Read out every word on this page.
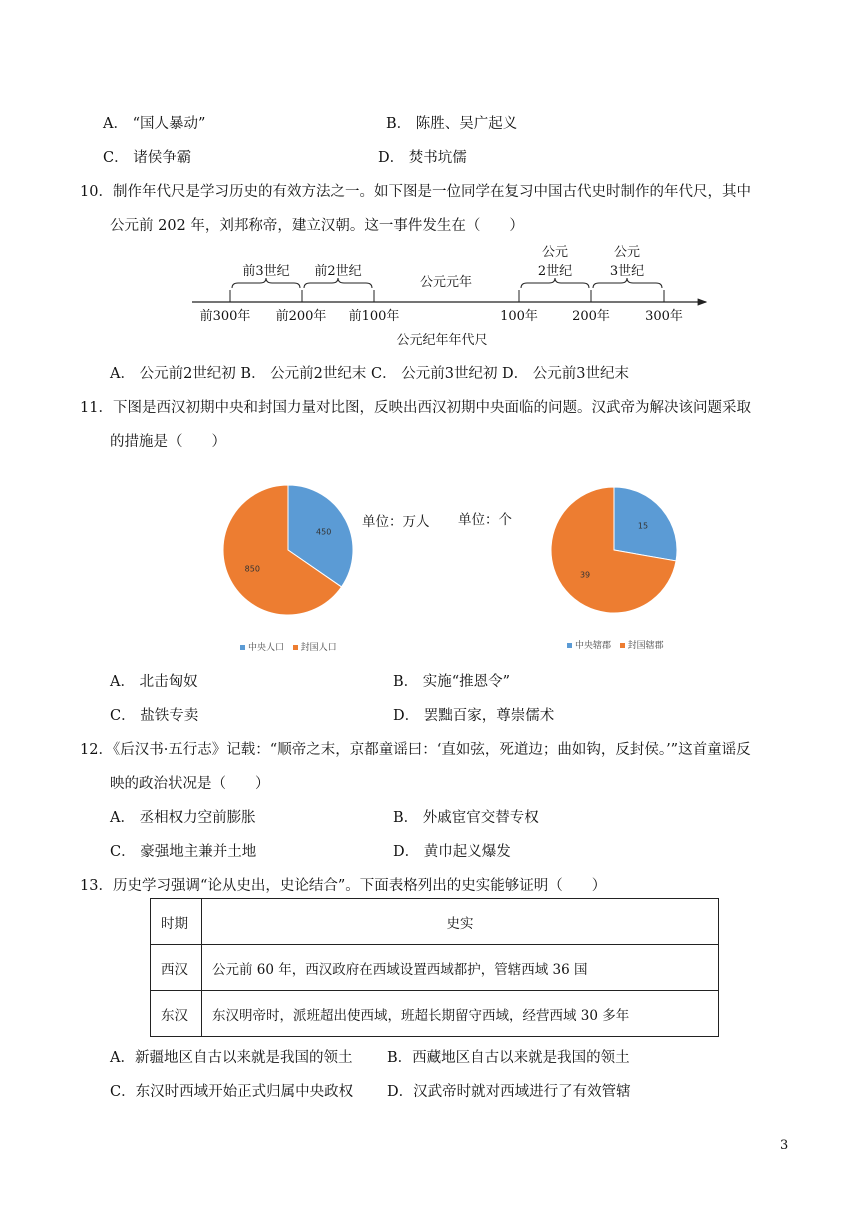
A． “国人暴动”	B． 陈胜、吴广起义
C． 诸侯争霸	D． 焚书坑儒
10．制作年代尺是学习历史的有效方法之一。如下图是一位同学在复习中国古代史时制作的年代尺，其中
公元前 202 年，刘邦称帝，建立汉朝。这一事件发生在（　　）
前3世纪 前2世纪
公元元年
公元
2世纪
公元
3世纪
前300年 前200年 前100年	100年	200年	300年
公元纪年年代尺
A． 公元前2世纪初 B． 公元前2世纪末 C． 公元前3世纪初 D． 公元前3世纪末
11．下图是西汉初期中央和封国力量对比图，反映出西汉初期中央面临的问题。汉武帝为解决该问题采取
的措施是（　　）
450
850
单位：万人 单位：个	15
39
中央人口 封国人口	中央辖郡 封国辖郡
A． 北击匈奴	B． 实施“推恩令”
C． 盐铁专卖	D． 罢黜百家，尊崇儒术
12．《后汉书·五行志》记载：“顺帝之末，京都童谣曰：‘直如弦，死道边；曲如钩，反封侯。’”这首童谣反
映的政治状况是（　　）
A． 丞相权力空前膨胀	B． 外戚宦官交替专权
C． 豪强地主兼并土地	D． 黄巾起义爆发
13．历史学习强调“论从史出，史论结合”。下面表格列出的史实能够证明（　　）
时期	史实
西汉	公元前 60 年，西汉政府在西域设置西域都护，管辖西域 36 国
东汉	东汉明帝时，派班超出使西域，班超长期留守西域，经营西域 30 多年
A．新疆地区自古以来就是我国的领土 B．西藏地区自古以来就是我国的领土
C．东汉时西域开始正式归属中央政权 D．汉武帝时就对西域进行了有效管辖
3
